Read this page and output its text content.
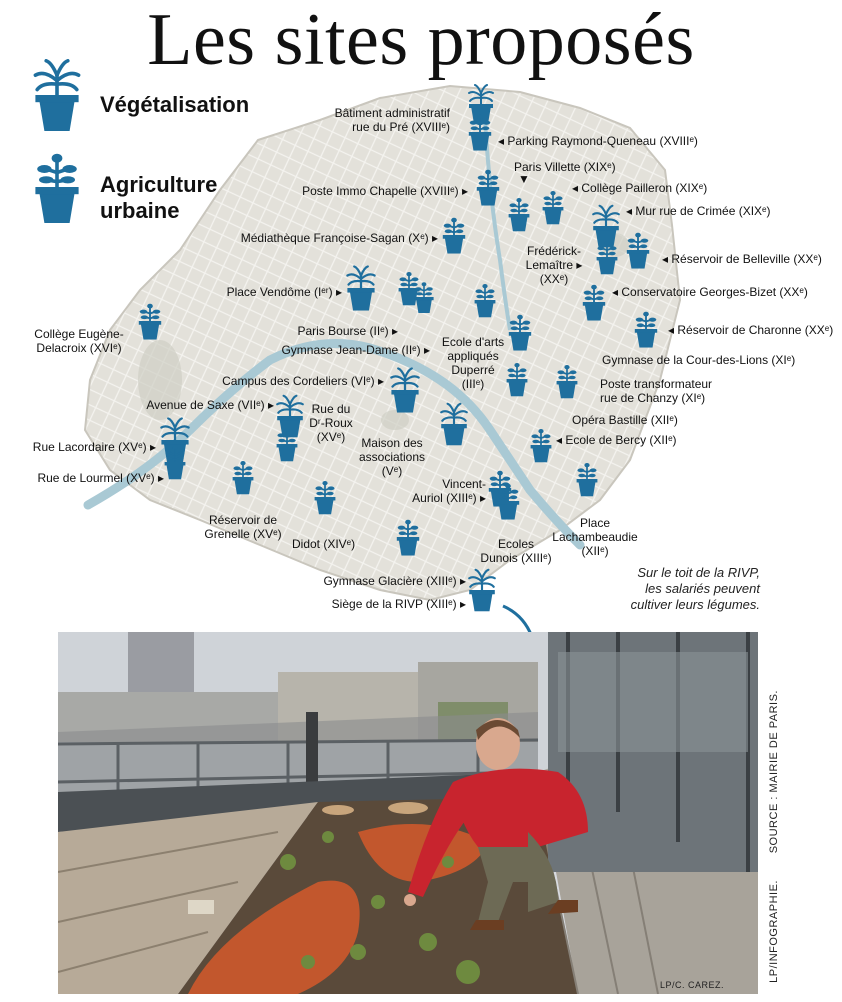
Les sites proposés
Végétalisation
Agriculture
urbaine
Bâtiment administratif
rue du Pré (XVIIIᵉ)
◂ Parking Raymond-Queneau (XVIIIᵉ)
Paris Villette (XIXᵉ)
▼
Poste Immo Chapelle (XVIIIᵉ) ▸	◂ Collège Pailleron (XIXᵉ)
◂ Mur rue de Crimée (XIXᵉ)
Médiathèque Françoise-Sagan (Xᵉ) ▸
Frédérick-
Lemaître ▸
(XXᵉ)
◂ Réservoir de Belleville (XXᵉ)
Place Vendôme (Iᵉʳ) ▸	◂ Conservatoire Georges-Bizet (XXᵉ)
Collège Eugène-
Delacroix (XVIᵉ)
Paris Bourse (IIᵉ) ▸
Gymnase Jean-Dame (IIᵉ) ▸
Ecole d'arts
appliqués
Duperré
(IIIᵉ)
◂ Réservoir de Charonne (XXᵉ)
Gymnase de la Cour-des-Lions (XIᵉ)
Campus des Cordeliers (VIᵉ) ▸	Poste transformateur
rue de Chanzy (XIᵉ)
Avenue de Saxe (VIIᵉ) ▸	Rue du
Dʳ-Roux
(XVᵉ)
Opéra Bastille (XIIᵉ)
◂ Ecole de Bercy (XIIᵉ)
Maison des
associations
(Vᵉ)
Rue Lacordaire (XVᵉ) ▸
Rue de Lourmel (XVᵉ) ▸	Vincent-
Auriol (XIIIᵉ) ▸
Réservoir de
Grenelle (XVᵉ)
Didot (XIVᵉ)	Ecoles
Dunois (XIIIᵉ)
Place
Lachambeaudie
(XIIᵉ)
Gymnase Glacière (XIIIᵉ) ▸
Siège de la RIVP (XIIIᵉ) ▸
Sur le toit de la RIVP,
les salariés peuvent
cultiver leurs légumes.
SOURCE : MAIRIE DE PARIS.
LP/INFOGRAPHIE.
LP/C. CAREZ.
